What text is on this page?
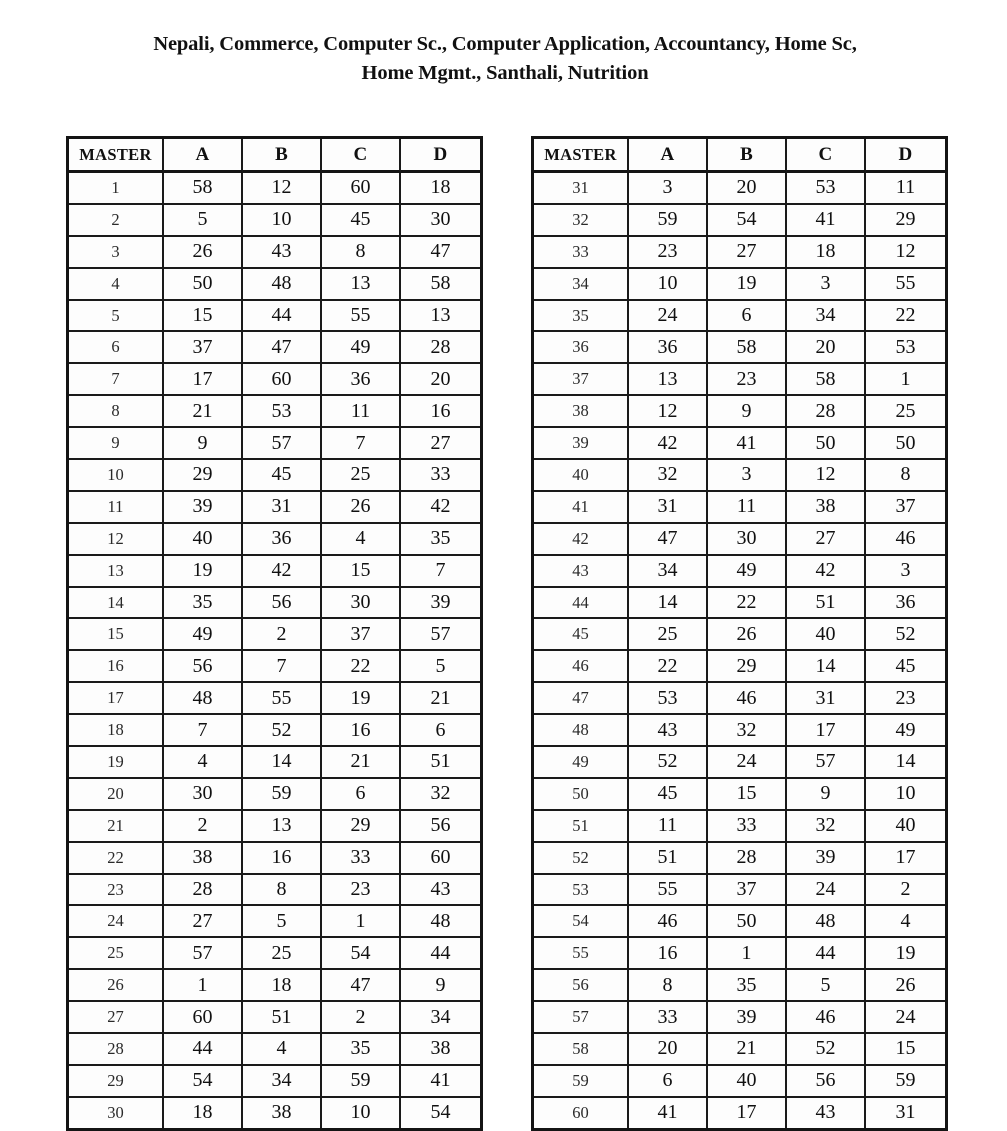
Nepali, Commerce, Computer Sc., Computer Application, Accountancy, Home Sc,
Home Mgmt., Santhali, Nutrition
MASTER	A	B	C	D
1	58	12	60	18
2	5	10	45	30
3	26	43	8	47
4	50	48	13	58
5	15	44	55	13
6	37	47	49	28
7	17	60	36	20
8	21	53	11	16
9	9	57	7	27
10	29	45	25	33
11	39	31	26	42
12	40	36	4	35
13	19	42	15	7
14	35	56	30	39
15	49	2	37	57
16	56	7	22	5
17	48	55	19	21
18	7	52	16	6
19	4	14	21	51
20	30	59	6	32
21	2	13	29	56
22	38	16	33	60
23	28	8	23	43
24	27	5	1	48
25	57	25	54	44
26	1	18	47	9
27	60	51	2	34
28	44	4	35	38
29	54	34	59	41
30	18	38	10	54
MASTER	A	B	C	D
31	3	20	53	11
32	59	54	41	29
33	23	27	18	12
34	10	19	3	55
35	24	6	34	22
36	36	58	20	53
37	13	23	58	1
38	12	9	28	25
39	42	41	50	50
40	32	3	12	8
41	31	11	38	37
42	47	30	27	46
43	34	49	42	3
44	14	22	51	36
45	25	26	40	52
46	22	29	14	45
47	53	46	31	23
48	43	32	17	49
49	52	24	57	14
50	45	15	9	10
51	11	33	32	40
52	51	28	39	17
53	55	37	24	2
54	46	50	48	4
55	16	1	44	19
56	8	35	5	26
57	33	39	46	24
58	20	21	52	15
59	6	40	56	59
60	41	17	43	31
